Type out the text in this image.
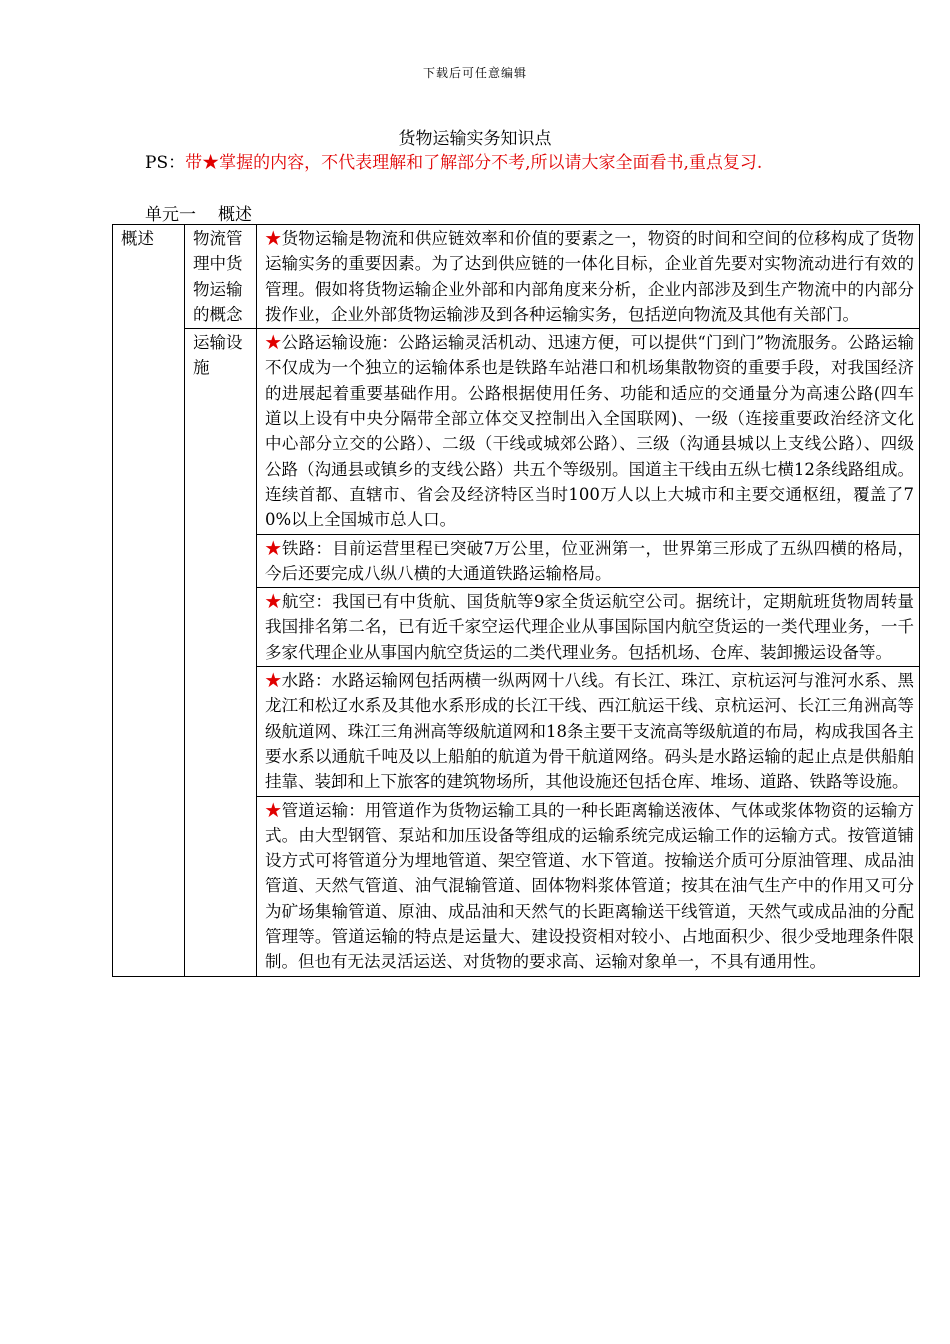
下载后可任意编辑
货物运输实务知识点
PS：带★掌握的内容，不代表理解和了解部分不考,所以请大家全面看书,重点复习.
单元一 概述
概述	物流管理中货物运输的概念	★货物运输是物流和供应链效率和价值的要素之一，物资的时间和空间的位移构成了货物运输实务的重要因素。为了达到供应链的一体化目标，企业首先要对实物流动进行有效的管理。假如将货物运输企业外部和内部角度来分析，企业内部涉及到生产物流中的内部分拨作业，企业外部货物运输涉及到各种运输实务，包括逆向物流及其他有关部门。
	运输设施	★公路运输设施：公路运输灵活机动、迅速方便，可以提供“门到门”物流服务。公路运输不仅成为一个独立的运输体系也是铁路车站港口和机场集散物资的重要手段，对我国经济的进展起着重要基础作用。公路根据使用任务、功能和适应的交通量分为高速公路(四车道以上设有中央分隔带全部立体交叉控制出入全国联网)、一级（连接重要政治经济文化中心部分立交的公路）、二级（干线或城郊公路）、三级（沟通县城以上支线公路）、四级公路（沟通县或镇乡的支线公路）共五个等级别。国道主干线由五纵七横12条线路组成。连续首都、直辖市、省会及经济特区当时100万人以上大城市和主要交通枢纽，覆盖了70%以上全国城市总人口。
		★铁路：目前运营里程已突破7万公里，位亚洲第一，世界第三形成了五纵四横的格局，今后还要完成八纵八横的大通道铁路运输格局。
		★航空：我国已有中货航、国货航等9家全货运航空公司。据统计，定期航班货物周转量我国排名第二名，已有近千家空运代理企业从事国际国内航空货运的一类代理业务，一千多家代理企业从事国内航空货运的二类代理业务。包括机场、仓库、装卸搬运设备等。
		★水路：水路运输网包括两横一纵两网十八线。有长江、珠江、京杭运河与淮河水系、黑龙江和松辽水系及其他水系形成的长江干线、西江航运干线、京杭运河、长江三角洲高等级航道网、珠江三角洲高等级航道网和18条主要干支流高等级航道的布局，构成我国各主要水系以通航千吨及以上船舶的航道为骨干航道网络。码头是水路运输的起止点是供船舶挂靠、装卸和上下旅客的建筑物场所，其他设施还包括仓库、堆场、道路、铁路等设施。
		★管道运输：用管道作为货物运输工具的一种长距离输送液体、气体或浆体物资的运输方式。由大型钢管、泵站和加压设备等组成的运输系统完成运输工作的运输方式。按管道铺设方式可将管道分为埋地管道、架空管道、水下管道。按输送介质可分原油管理、成品油管道、天然气管道、油气混输管道、固体物料浆体管道；按其在油气生产中的作用又可分为矿场集输管道、原油、成品油和天然气的长距离输送干线管道，天然气或成品油的分配管理等。管道运输的特点是运量大、建设投资相对较小、占地面积少、很少受地理条件限制。但也有无法灵活运送、对货物的要求高、运输对象单一，不具有通用性。
